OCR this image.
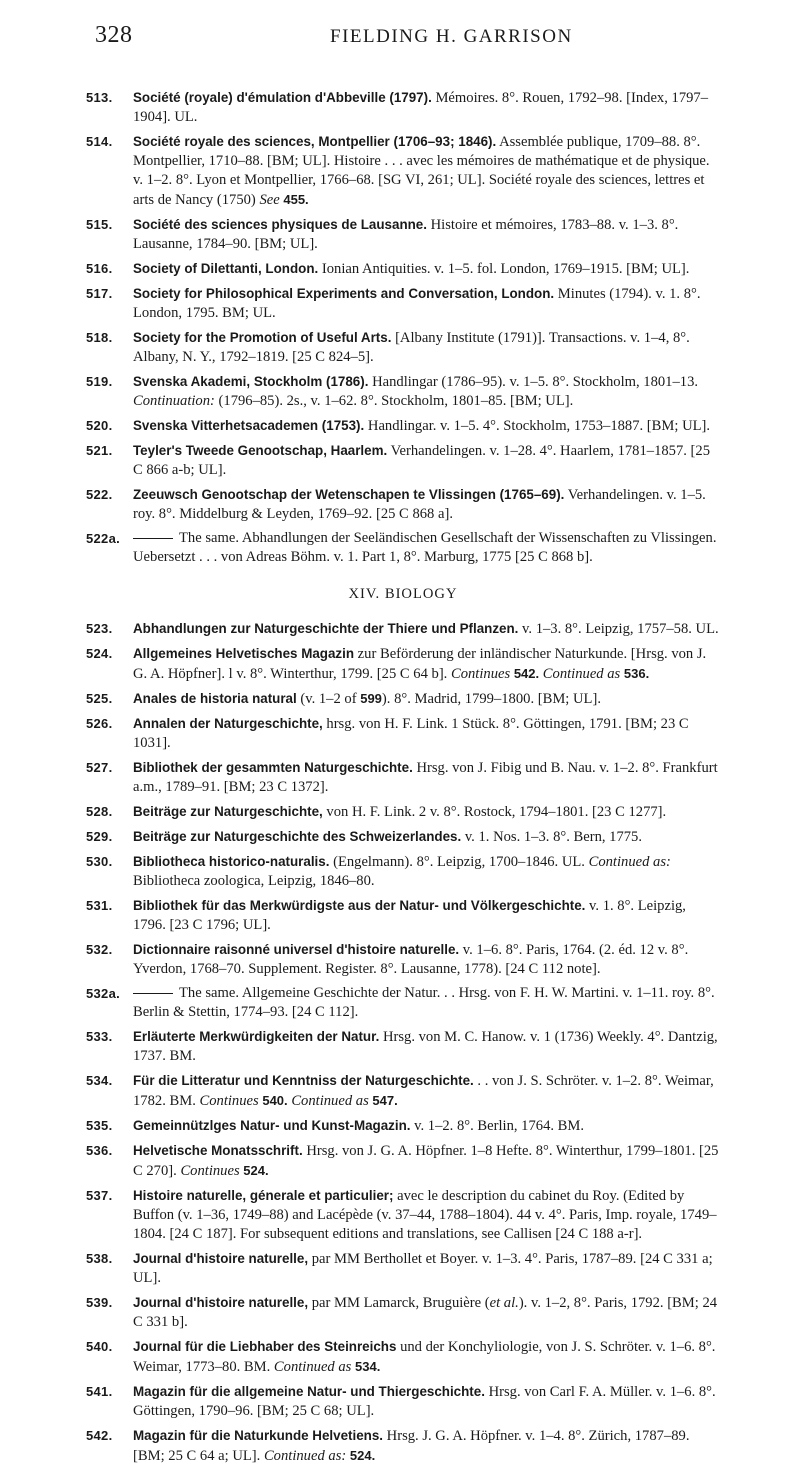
328	FIELDING H. GARRISON
513.	Société (royale) d'émulation d'Abbeville (1797). Mémoires. 8°. Rouen, 1792–98. [Index, 1797–1904]. UL.
514.	Société royale des sciences, Montpellier (1706–93; 1846). Assemblée publique, 1709–88. 8°. Montpellier, 1710–88. [BM; UL]. Histoire . . . avec les mémoires de mathématique et de physique. v. 1–2. 8°. Lyon et Montpellier, 1766–68. [SG VI, 261; UL]. Société royale des sciences, lettres et arts de Nancy (1750) See 455.
515.	Société des sciences physiques de Lausanne. Histoire et mémoires, 1783–88. v. 1–3. 8°. Lausanne, 1784–90. [BM; UL].
516.	Society of Dilettanti, London. Ionian Antiquities. v. 1–5. fol. London, 1769–1915. [BM; UL].
517.	Society for Philosophical Experiments and Conversation, London. Minutes (1794). v. 1. 8°. London, 1795. BM; UL.
518.	Society for the Promotion of Useful Arts. [Albany Institute (1791)]. Transactions. v. 1–4, 8°. Albany, N. Y., 1792–1819. [25 C 824–5].
519.	Svenska Akademi, Stockholm (1786). Handlingar (1786–95). v. 1–5. 8°. Stockholm, 1801–13. Continuation: (1796–85). 2s., v. 1–62. 8°. Stockholm, 1801–85. [BM; UL].
520.	Svenska Vitterhetsacademen (1753). Handlingar. v. 1–5. 4°. Stockholm, 1753–1887. [BM; UL].
521.	Teyler's Tweede Genootschap, Haarlem. Verhandelingen. v. 1–28. 4°. Haarlem, 1781–1857. [25 C 866 a-b; UL].
522.	Zeeuwsch Genootschap der Wetenschapen te Vlissingen (1765–69). Verhandelingen. v. 1–5. roy. 8°. Middelburg & Leyden, 1769–92. [25 C 868 a].
522a.	The same. Abhandlungen der Seeländischen Gesellschaft der Wissenschaften zu Vlissingen. Uebersetzt . . . von Adreas Böhm. v. 1. Part 1, 8°. Marburg, 1775 [25 C 868 b].
XIV. BIOLOGY
523.	Abhandlungen zur Naturgeschichte der Thiere und Pflanzen. v. 1–3. 8°. Leipzig, 1757–58. UL.
524.	Allgemeines Helvetisches Magazin zur Beförderung der inländischer Naturkunde. [Hrsg. von J. G. A. Höpfner]. l v. 8°. Winterthur, 1799. [25 C 64 b]. Continues 542. Continued as 536.
525.	Anales de historia natural (v. 1–2 of 599). 8°. Madrid, 1799–1800. [BM; UL].
526.	Annalen der Naturgeschichte, hrsg. von H. F. Link. 1 Stück. 8°. Göttingen, 1791. [BM; 23 C 1031].
527.	Bibliothek der gesammten Naturgeschichte. Hrsg. von J. Fibig und B. Nau. v. 1–2. 8°. Frankfurt a.m., 1789–91. [BM; 23 C 1372].
528.	Beiträge zur Naturgeschichte, von H. F. Link. 2 v. 8°. Rostock, 1794–1801. [23 C 1277].
529.	Beiträge zur Naturgeschichte des Schweizerlandes. v. 1. Nos. 1–3. 8°. Bern, 1775.
530.	Bibliotheca historico-naturalis. (Engelmann). 8°. Leipzig, 1700–1846. UL. Continued as: Bibliotheca zoologica, Leipzig, 1846–80.
531.	Bibliothek für das Merkwürdigste aus der Natur- und Völkergeschichte. v. 1. 8°. Leipzig, 1796. [23 C 1796; UL].
532.	Dictionnaire raisonné universel d'histoire naturelle. v. 1–6. 8°. Paris, 1764. (2. éd. 12 v. 8°. Yverdon, 1768–70. Supplement. Register. 8°. Lausanne, 1778). [24 C 112 note].
532a.	The same. Allgemeine Geschichte der Natur. . . Hrsg. von F. H. W. Martini. v. 1–11. roy. 8°. Berlin & Stettin, 1774–93. [24 C 112].
533.	Erläuterte Merkwürdigkeiten der Natur. Hrsg. von M. C. Hanow. v. 1 (1736) Weekly. 4°. Dantzig, 1737. BM.
534.	Für die Litteratur und Kenntniss der Naturgeschichte. . . von J. S. Schröter. v. 1–2. 8°. Weimar, 1782. BM. Continues 540. Continued as 547.
535.	Gemeinnützlges Natur- und Kunst-Magazin. v. 1–2. 8°. Berlin, 1764. BM.
536.	Helvetische Monatsschrift. Hrsg. von J. G. A. Höpfner. 1–8 Hefte. 8°. Winterthur, 1799–1801. [25 C 270]. Continues 524.
537.	Histoire naturelle, génerale et particulier; avec le description du cabinet du Roy. (Edited by Buffon (v. 1–36, 1749–88) and Lacépède (v. 37–44, 1788–1804). 44 v. 4°. Paris, Imp. royale, 1749–1804. [24 C 187]. For subsequent editions and translations, see Callisen [24 C 188 a-r].
538.	Journal d'histoire naturelle, par MM Berthollet et Boyer. v. 1–3. 4°. Paris, 1787–89. [24 C 331 a; UL].
539.	Journal d'histoire naturelle, par MM Lamarck, Bruguière (et al.). v. 1–2, 8°. Paris, 1792. [BM; 24 C 331 b].
540.	Journal für die Liebhaber des Steinreichs und der Konchyliologie, von J. S. Schröter. v. 1–6. 8°. Weimar, 1773–80. BM. Continued as 534.
541.	Magazin für die allgemeine Natur- und Thiergeschichte. Hrsg. von Carl F. A. Müller. v. 1–6. 8°. Göttingen, 1790–96. [BM; 25 C 68; UL].
542.	Magazin für die Naturkunde Helvetiens. Hrsg. J. G. A. Höpfner. v. 1–4. 8°. Zürich, 1787–89. [BM; 25 C 64 a; UL]. Continued as: 524.
